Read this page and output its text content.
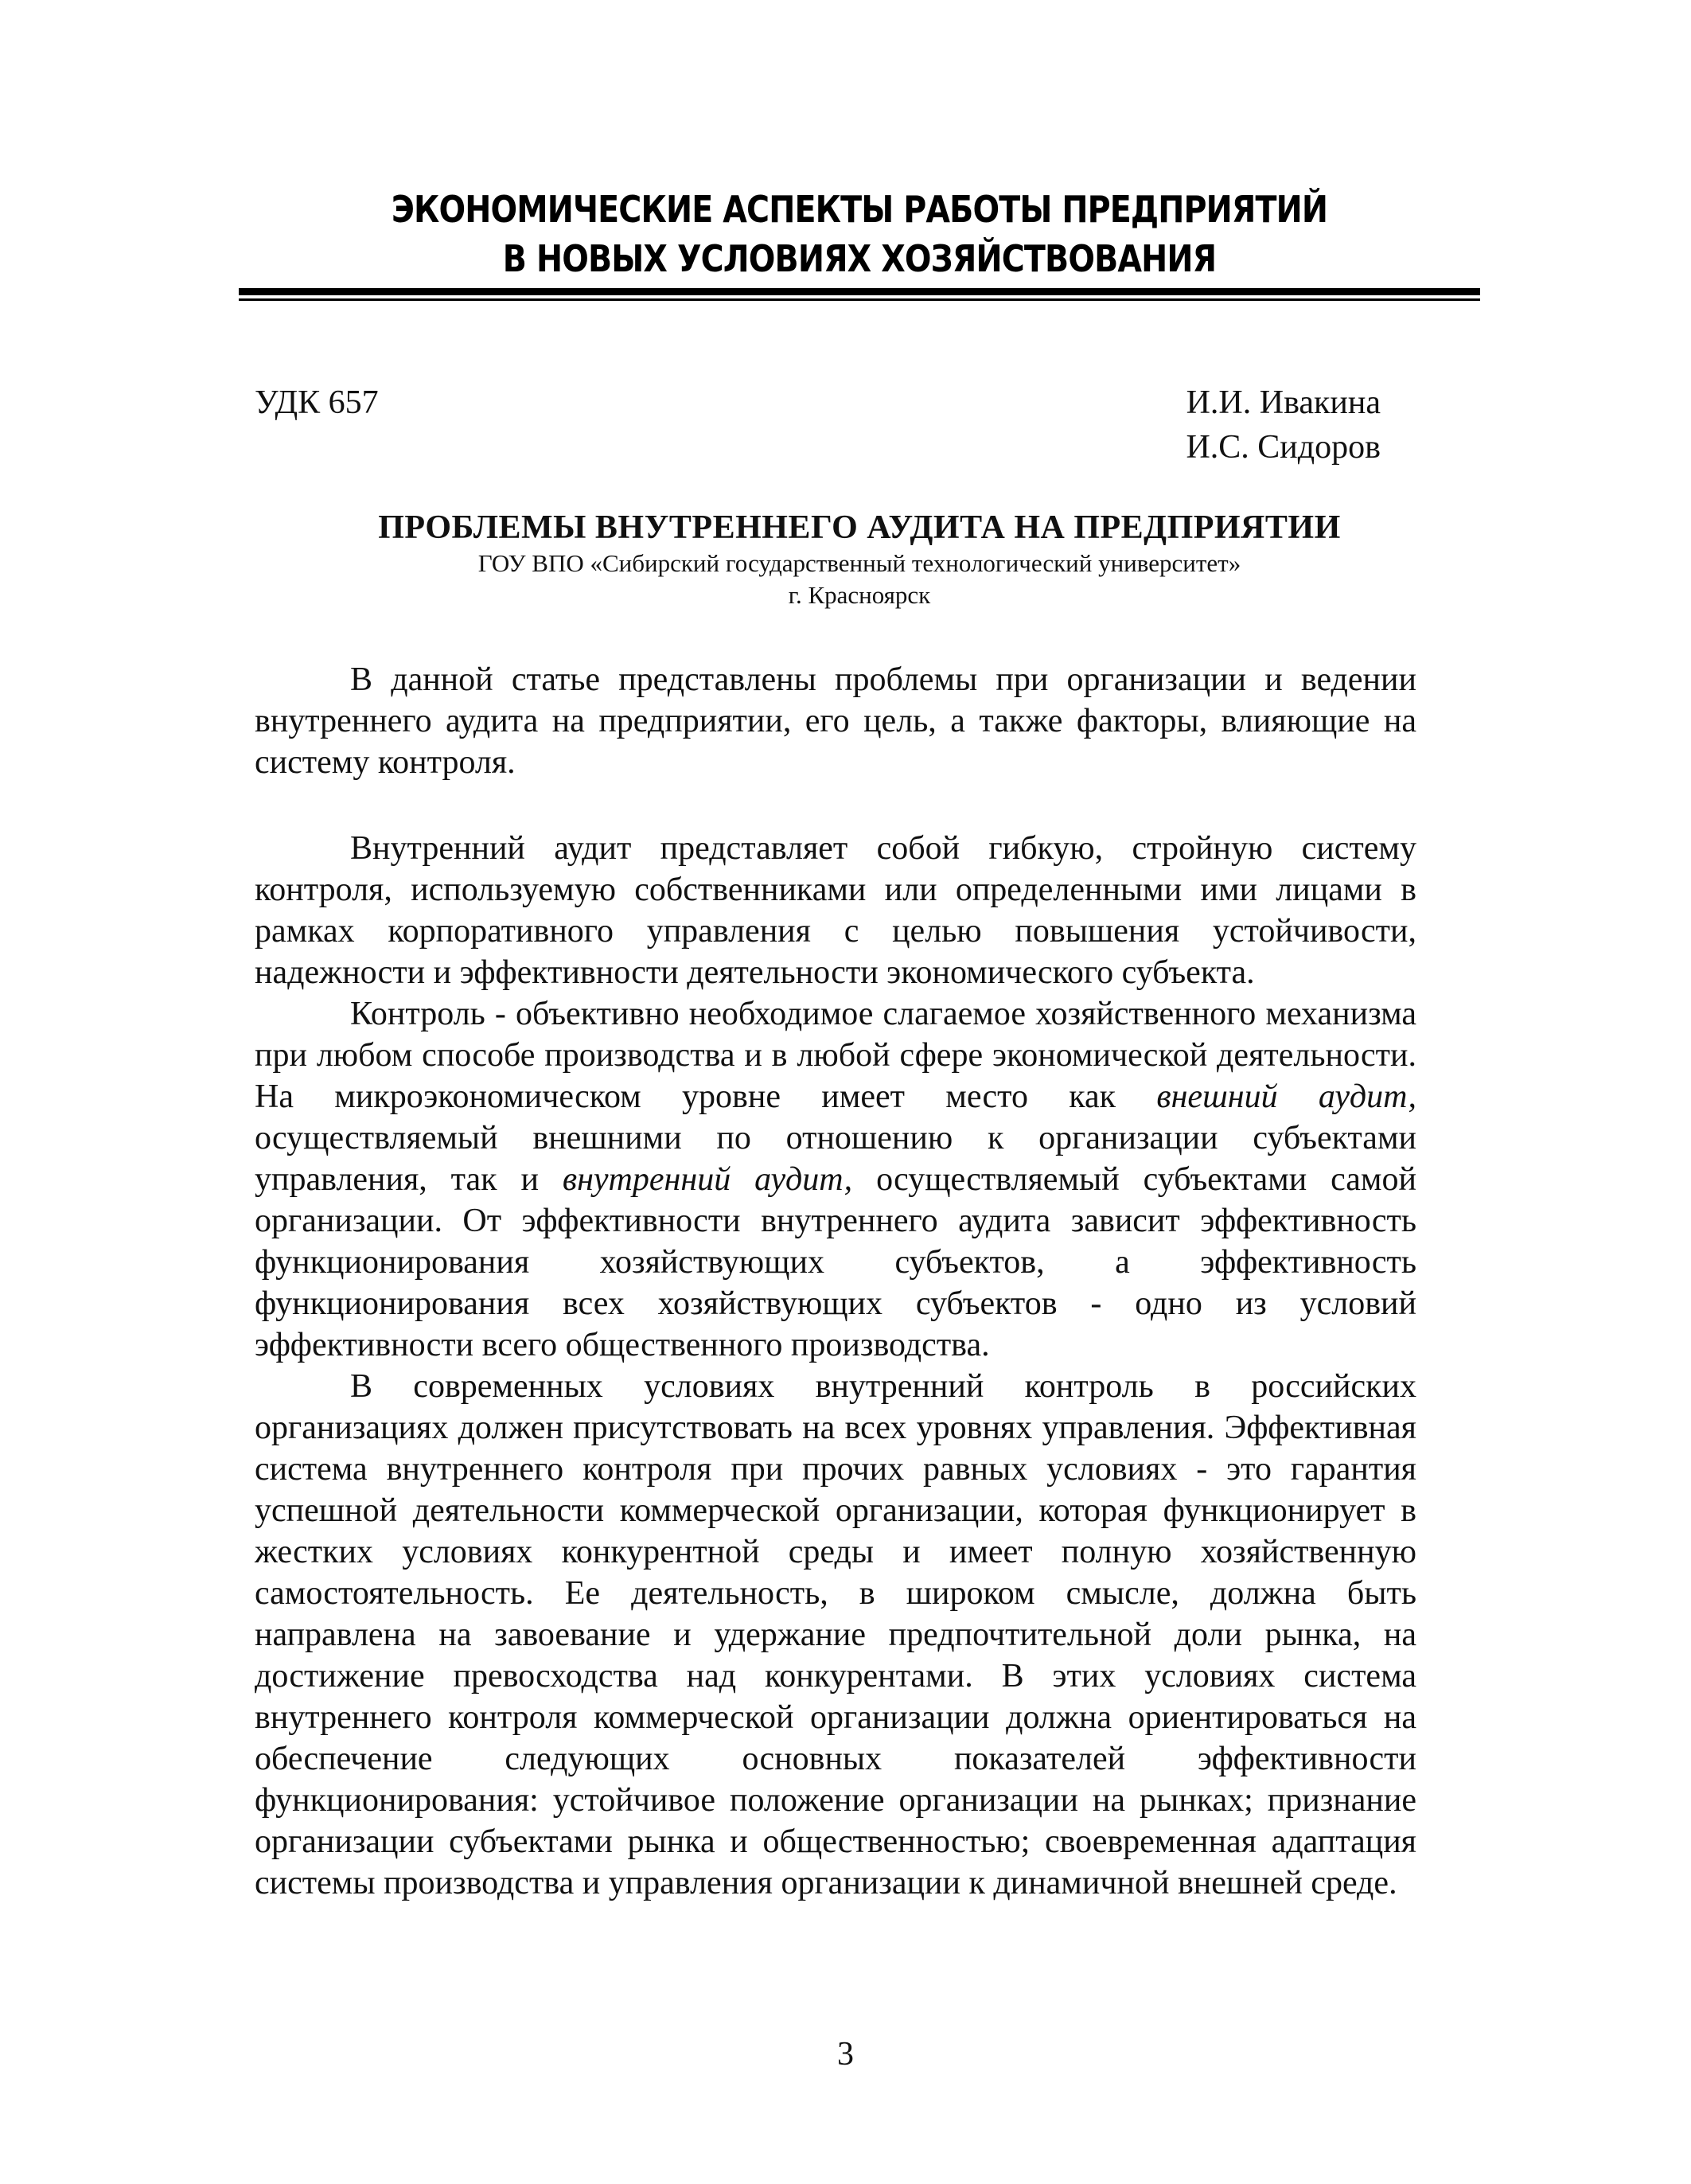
ЭКОНОМИЧЕСКИЕ АСПЕКТЫ РАБОТЫ ПРЕДПРИЯТИЙ
В НОВЫХ УСЛОВИЯХ ХОЗЯЙСТВОВАНИЯ
УДК 657	И.И. Ивакина
И.С. Сидоров
ПРОБЛЕМЫ ВНУТРЕННЕГО АУДИТА НА ПРЕДПРИЯТИИ
ГОУ ВПО «Сибирский государственный технологический университет»
г. Красноярск

В данной статье представлены проблемы при организации и ведении внутреннего аудита на предприятии, его цель, а также факторы, влияющие на систему контроля.

Внутренний аудит представляет собой гибкую, стройную систему контроля, используемую собственниками или определенными ими лицами в рамках корпоративного управления с целью повышения устойчивости, надежности и эффективности деятельности экономического субъекта.

Контроль - объективно необходимое слагаемое хозяйственного механизма при любом способе производства и в любой сфере экономической деятельности. На микроэкономическом уровне имеет место как внешний аудит, осуществляемый внешними по отношению к организации субъектами управления, так и внутренний аудит, осуществляемый субъектами самой организации. От эффективности внутреннего аудита зависит эффективность функционирования хозяйствующих субъектов, а эффективность функционирования всех хозяйствующих субъектов - одно из условий эффективности всего общественного производства.

В современных условиях внутренний контроль в российских организациях должен присутствовать на всех уровнях управления. Эффективная система внутреннего контроля при прочих равных условиях - это гарантия успешной деятельности коммерческой организации, которая функционирует в жестких условиях конкурентной среды и имеет полную хозяйственную самостоятельность. Ее деятельность, в широком смысле, должна быть направлена на завоевание и удержание предпочтительной доли рынка, на достижение превосходства над конкурентами. В этих условиях система внутреннего контроля коммерческой организации должна ориентироваться на обеспечение следующих основных показателей эффективности функционирования: устойчивое положение организации на рынках; признание организации субъектами рынка и общественностью; своевременная адаптация системы производства и управления организации к динамичной внешней среде.

3
